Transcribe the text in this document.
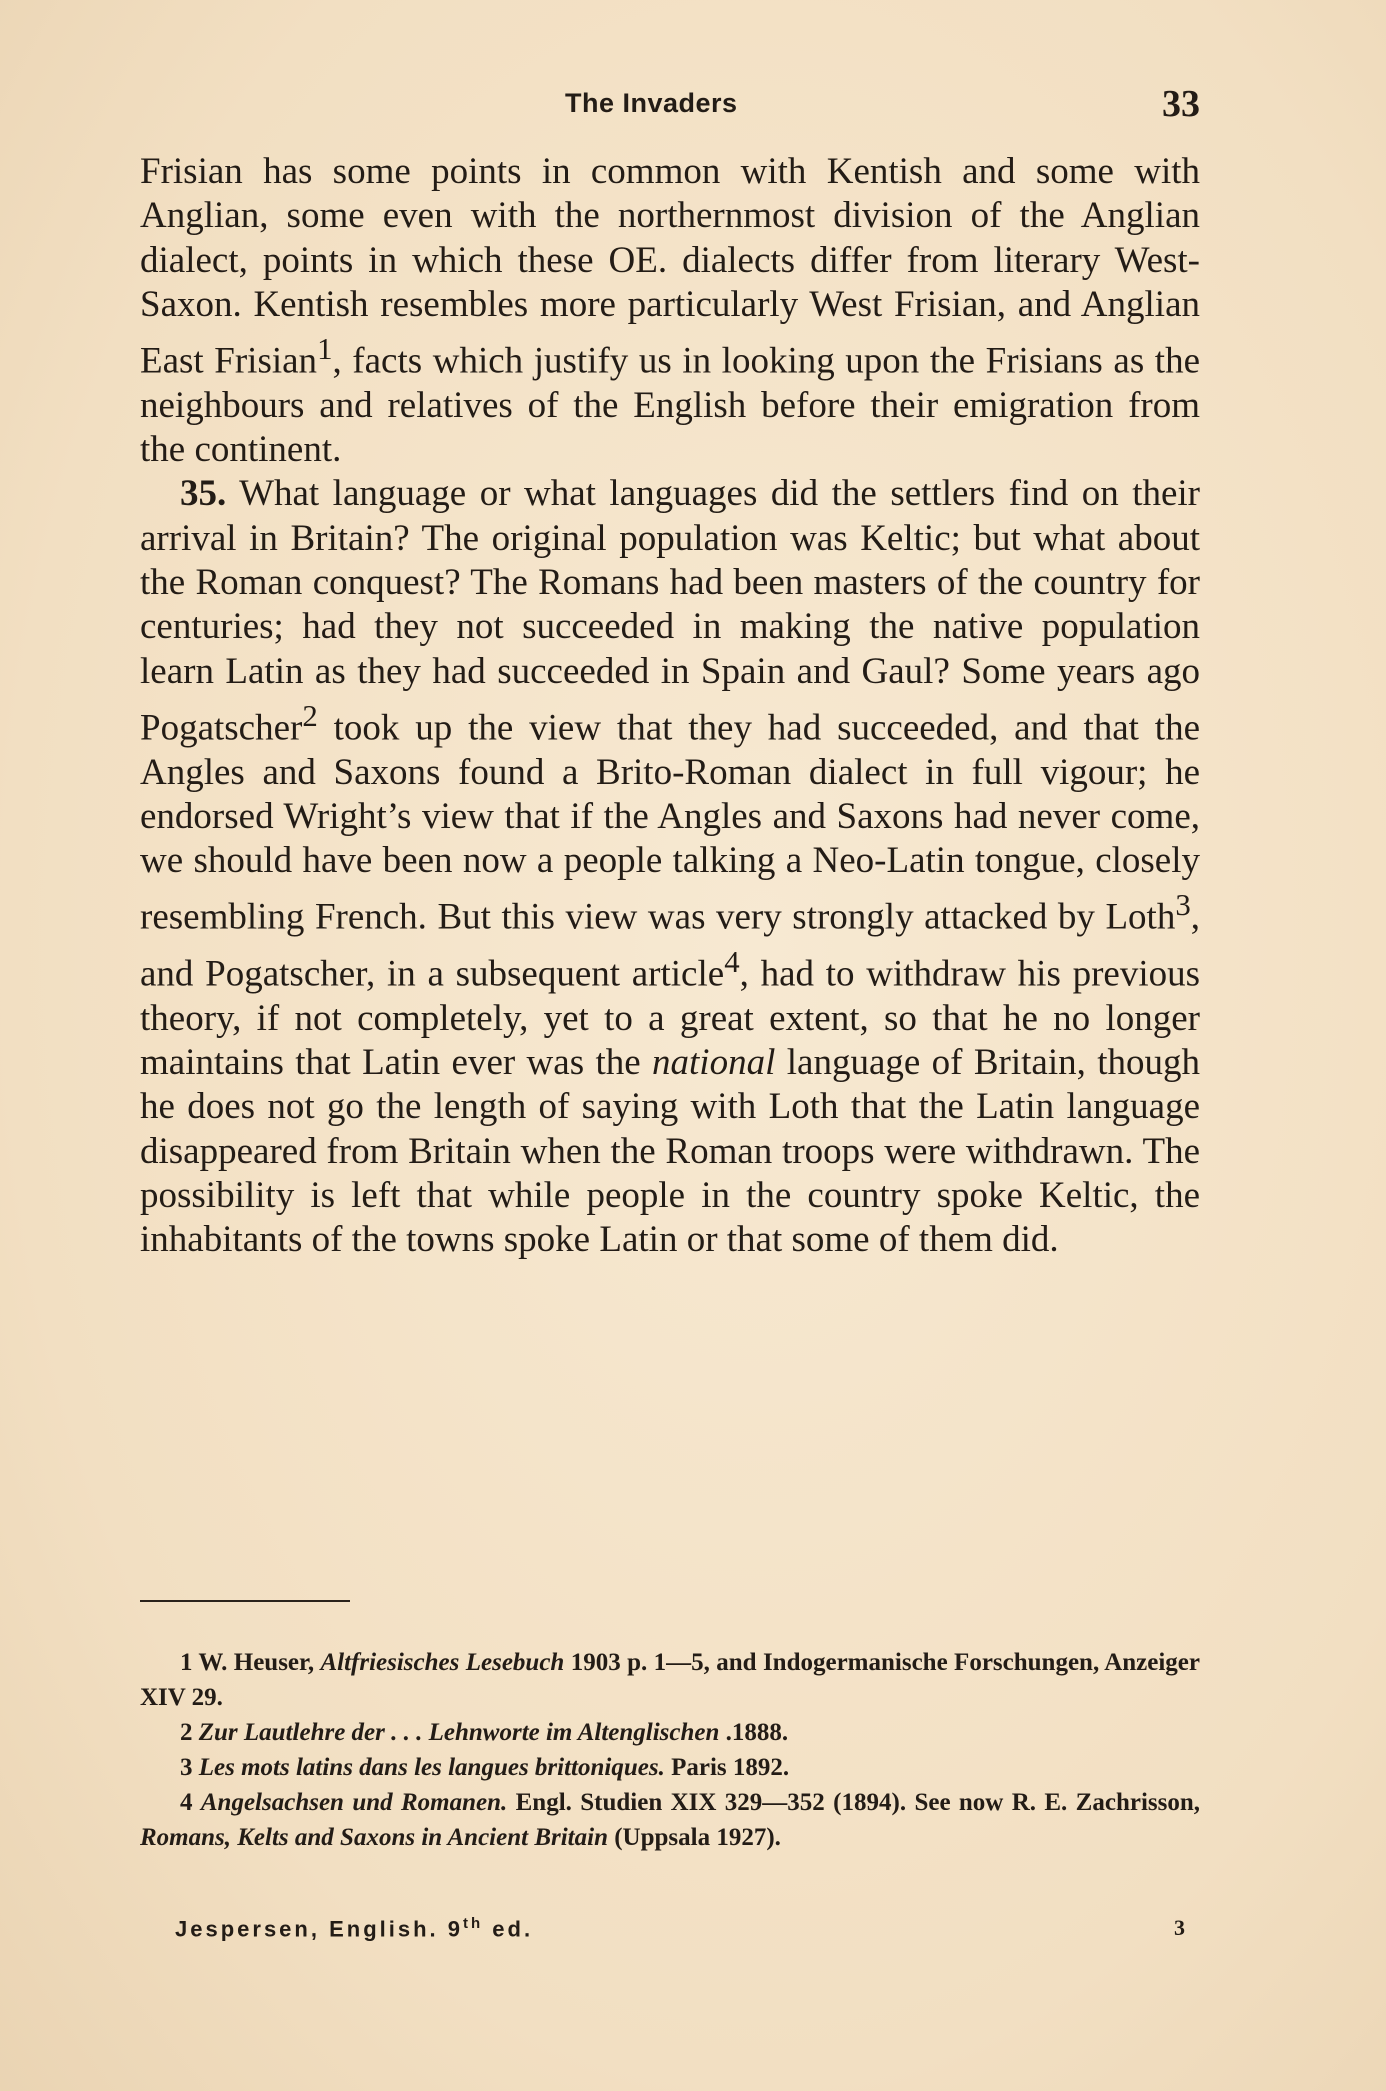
The Invaders	33

Frisian has some points in common with Kentish and some with Anglian, some even with the northernmost division of the Anglian dialect, points in which these OE. dialects differ from literary West-Saxon. Kentish resembles more particularly West Frisian, and Anglian East Frisian$^1$, facts which justify us in looking upon the Frisians as the neighbours and relatives of the English before their emigration from the continent.

35. What language or what languages did the settlers find on their arrival in Britain? The original population was Keltic; but what about the Roman conquest? The Romans had been masters of the country for centuries; had they not succeeded in making the native population learn Latin as they had succeeded in Spain and Gaul? Some years ago Pogatscher$^2$ took up the view that they had succeeded, and that the Angles and Saxons found a Brito-Roman dialect in full vigour; he endorsed Wright’s view that if the Angles and Saxons had never come, we should have been now a people talking a Neo-Latin tongue, closely resembling French. But this view was very strongly attacked by Loth$^3$, and Pogatscher, in a subsequent article$^4$, had to withdraw his previous theory, if not completely, yet to a great extent, so that he no longer maintains that Latin ever was the national language of Britain, though he does not go the length of saying with Loth that the Latin language disappeared from Britain when the Roman troops were withdrawn. The possibility is left that while people in the country spoke Keltic, the inhabitants of the towns spoke Latin or that some of them did.

1 W. Heuser, Altfriesisches Lesebuch 1903 p. 1—5, and Indogermanische Forschungen, Anzeiger XIV 29.

2 Zur Lautlehre der . . . Lehnworte im Altenglischen .1888.

3 Les mots latins dans les langues brittoniques. Paris 1892.

4 Angelsachsen und Romanen. Engl. Studien XIX 329—352 (1894). See now R. E. Zachrisson, Romans, Kelts and Saxons in Ancient Britain (Uppsala 1927).

Jespersen, English. 9th ed.	3
